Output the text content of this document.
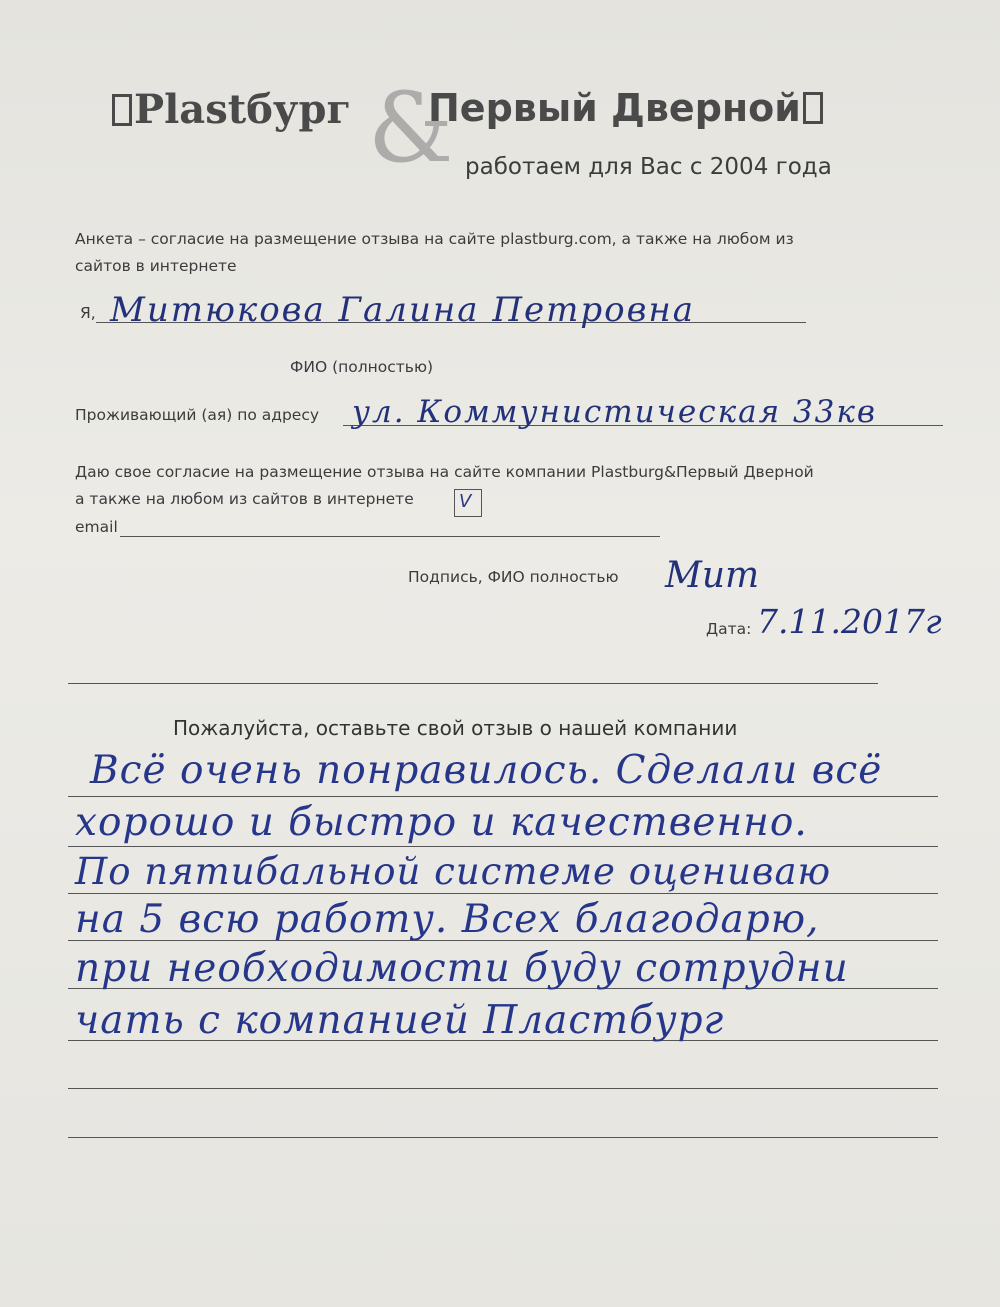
Plastбург &
Первый Дверной
работаем для Вас с 2004 года
Анкета – согласие на размещение отзыва на сайте plastburg.com, а также на любом из
сайтов в интернете
Я, Митюкова Галина Петровна
ФИО (полностью)
Проживающий (ая) по адресу ул. Коммунистическая 33кв
Даю свое согласие на размещение отзыва на сайте компании Plastburg&Первый Дверной
а также на любом из сайтов в интернете	V
email
Подпись, ФИО полностью Мит
Дата: 7.11.2017г
Пожалуйста, оставьте свой отзыв о нашей компании
Всё очень понравилось. Сделали всё
хорошо и быстро и качественно.
По пятибальной системе оцениваю
на 5 всю работу. Всех благодарю,
при необходимости буду сотрудни
чать с компанией Пластбург
